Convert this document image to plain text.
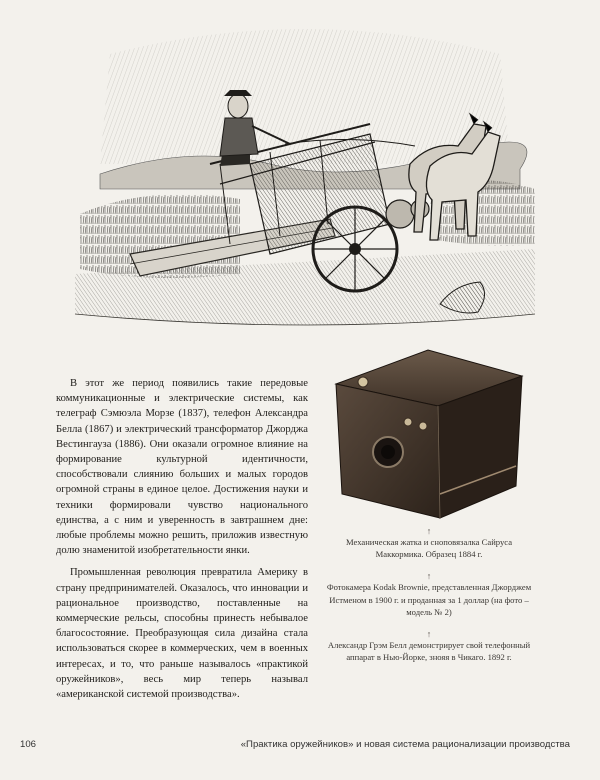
В этот же период появились такие передовые коммуникационные и электрические системы, как телеграф Сэмюэла Морзе (1837), телефон Александра Белла (1867) и электрический трансформатор Джорджа Вестингауза (1886). Они оказали огромное влияние на формирование культурной идентичности, способствовали слиянию больших и малых городов огромной страны в единое целое. Достижения науки и техники формировали чувство национального единства, а с ним и уверенность в завтрашнем дне: любые проблемы можно решить, приложив известную долю знаменитой изобретательности янки.

Промышленная революция превратила Америку в страну предпринимателей. Оказалось, что инновации и рациональное производство, поставленные на коммерческие рельсы, способны принесть небывалое благосостояние. Преобразующая сила дизайна стала использоваться скорее в коммерческих, чем в военных интересах, и то, что раньше называлось «практикой оружейников», весь мир теперь называл «американской системой производства».

↑
Механическая жатка и сноповязалка Сайруса Маккормика. Образец 1884 г.
↑
Фотокамера Kodak Brownie, представленная Джорджем Истменом в 1900 г. и проданная за 1 доллар (на фото – модель № 2)
↑
Александр Грэм Белл демонстрирует свой телефонный аппарат в Нью-Йорке, знояя в Чикаго. 1892 г.
106	«Практика оружейников» и новая система рационализации производства
